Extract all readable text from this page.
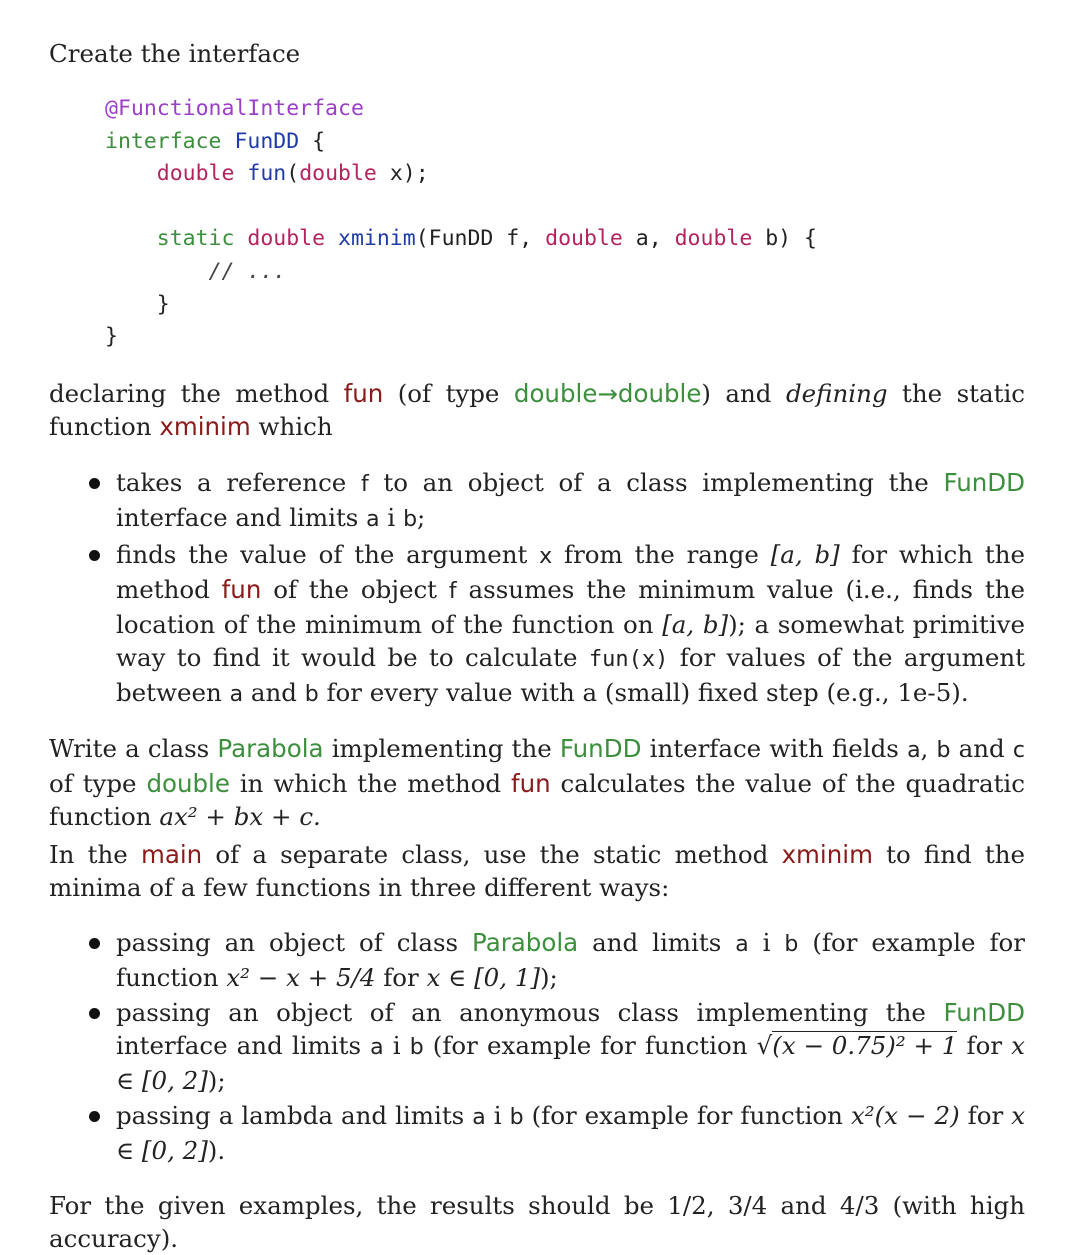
Create the interface

@FunctionalInterface
interface FunDD {
double fun(double x);

static double xminim(FunDD f, double a, double b) {
// ...
}
}

declaring the method fun (of type double→double) and defining the static function xminim which

takes a reference f to an object of a class implementing the FunDD interface and limits a i b;
finds the value of the argument x from the range [a, b] for which the method fun of the object f assumes the minimum value (i.e., finds the location of the minimum of the function on [a, b]); a somewhat primitive way to find it would be to calculate fun(x) for values of the argument between a and b for every value with a (small) fixed step (e.g., 1e-5).

Write a class Parabola implementing the FunDD interface with fields a, b and c of type double in which the method fun calculates the value of the quadratic function ax² + bx + c.

In the main of a separate class, use the static method xminim to find the minima of a few functions in three different ways:

passing an object of class Parabola and limits a i b (for example for function x² − x + 5/4 for x ∈ [0, 1]);
passing an object of an anonymous class implementing the FunDD interface and limits a i b (for example for function √(x − 0.75)² + 1 for x ∈ [0, 2]);
passing a lambda and limits a i b (for example for function x²(x − 2) for x ∈ [0, 2]).

For the given examples, the results should be 1/2, 3/4 and 4/3 (with high accuracy).
